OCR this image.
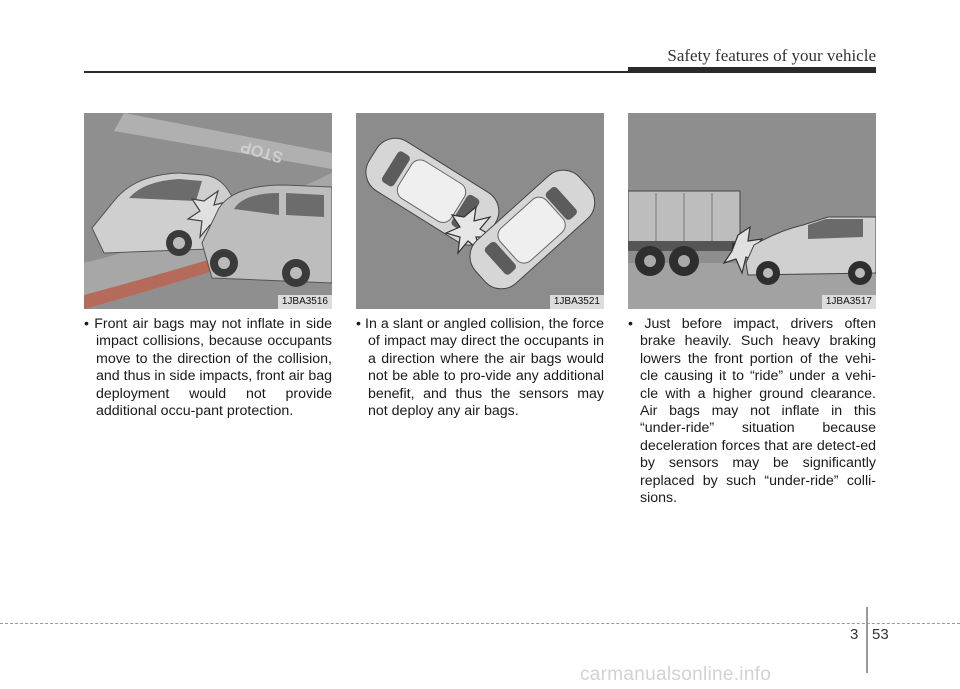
Safety features of your vehicle
STOP
1JBA3516	1JBA3521	1JBA3517
• Front air bags may not inflate in side impact collisions, because occupants move to the direction of the collision, and thus in side impacts, front air bag deployment would not provide additional occu-pant protection.
• In a slant or angled collision, the force of impact may direct the occupants in a direction where the air bags would not be able to pro-vide any additional benefit, and thus the sensors may not deploy any air bags.
• Just before impact, drivers often brake heavily. Such heavy braking lowers the front portion of the vehi-cle causing it to “ride” under a vehi-cle with a higher ground clearance. Air bags may not inflate in this “under-ride” situation because deceleration forces that are detect-ed by sensors may be significantly replaced by such “under-ride” colli-sions.
3 53
carmanualsonline.info
